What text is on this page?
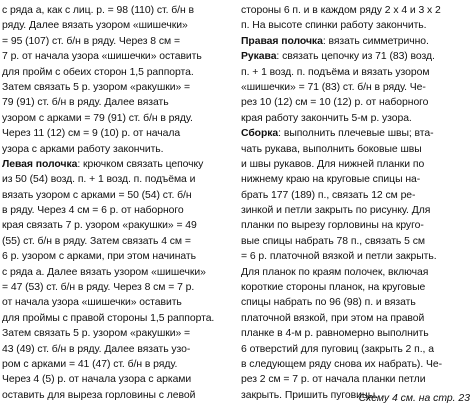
с ряда а, как с лиц. р. = 98 (110) ст. б/н в
ряду. Далее вязать узором «шишечки»
= 95 (107) ст. б/н в ряду. Через 8 см =
7 р. от начала узора «шишечки» оставить
для пройм с обеих сторон 1,5 раппорта.
Затем связать 5 р. узором «ракушки» =
79 (91) ст. б/н в ряду. Далее вязать
узором с арками = 79 (91) ст. б/н в ряду.
Через 11 (12) см = 9 (10) р. от начала
узора с арками работу закончить.
Левая полочка: крючком связать цепочку
из 50 (54) возд. п. + 1 возд. п. подъёма и
вязать узором с арками = 50 (54) ст. б/н
в ряду. Через 4 см = 6 р. от наборного
края связать 7 р. узором «ракушки» = 49
(55) ст. б/н в ряду. Затем связать 4 см =
6 р. узором с арками, при этом начинать
с ряда а. Далее вязать узором «шишечки»
= 47 (53) ст. б/н в ряду. Через 8 см = 7 р.
от начала узора «шишечки» оставить
для проймы с правой стороны 1,5 раппорта.
Затем связать 5 р. узором «ракушки» =
43 (49) ст. б/н в ряду. Далее вязать узо-
ром с арками = 41 (47) ст. б/н в ряду.
Через 4 (5) р. от начала узора с арками
оставить для выреза горловины с левой
стороны 6 п. и в каждом ряду 2 х 4 и 3 х 2
п. На высоте спинки работу закончить.
Правая полочка: вязать симметрично.
Рукава: связать цепочку из 71 (83) возд.
п. + 1 возд. п. подъёма и вязать узором
«шишечки» = 71 (83) ст. б/н в ряду. Че-
рез 10 (12) см = 10 (12) р. от наборного
края работу закончить 5-м р. узора.
Сборка: выполнить плечевые швы; вта-
чать рукава, выполнить боковые швы
и швы рукавов. Для нижней планки по
нижнему краю на круговые спицы на-
брать 177 (189) п., связать 12 см ре-
зинкой и петли закрыть по рисунку. Для
планки по вырезу горловины на круго-
вые спицы набрать 78 п., связать 5 см
= 6 р. платочной вязкой и петли закрыть.
Для планок по краям полочек, включая
короткие стороны планок, на круговые
спицы набрать по 96 (98) п. и вязать
платочной вязкой, при этом на правой
планке в 4-м р. равномерно выполнить
6 отверстий для пуговиц (закрыть 2 п., а
в следующем ряду снова их набрать). Че-
рез 2 см = 7 р. от начала планки петли
закрыть. Пришить пуговицы.
Схему 4 см. на стр. 23
